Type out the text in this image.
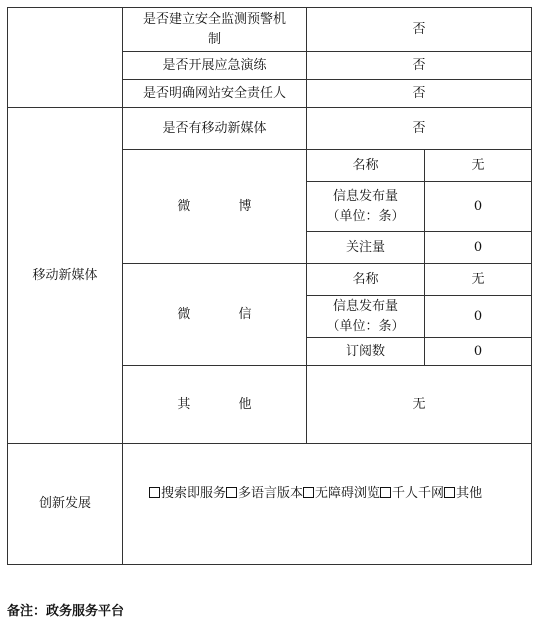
	是否建立安全监测预警机制	否	
	是否开展应急演练	否	
	是否明确网站安全责任人	否	
移动新媒体	是否有移动新媒体	否	
	微 博	名称	无
		信息发布量（单位：条）	0
		关注量	0
	微 信	名称	无
		信息发布量（单位：条）	0
		订阅数	0
	其 他	无	
创新发展	搜索即服务 多语言版本 无障碍浏览 千人千网 其他		
备注：政务服务平台
